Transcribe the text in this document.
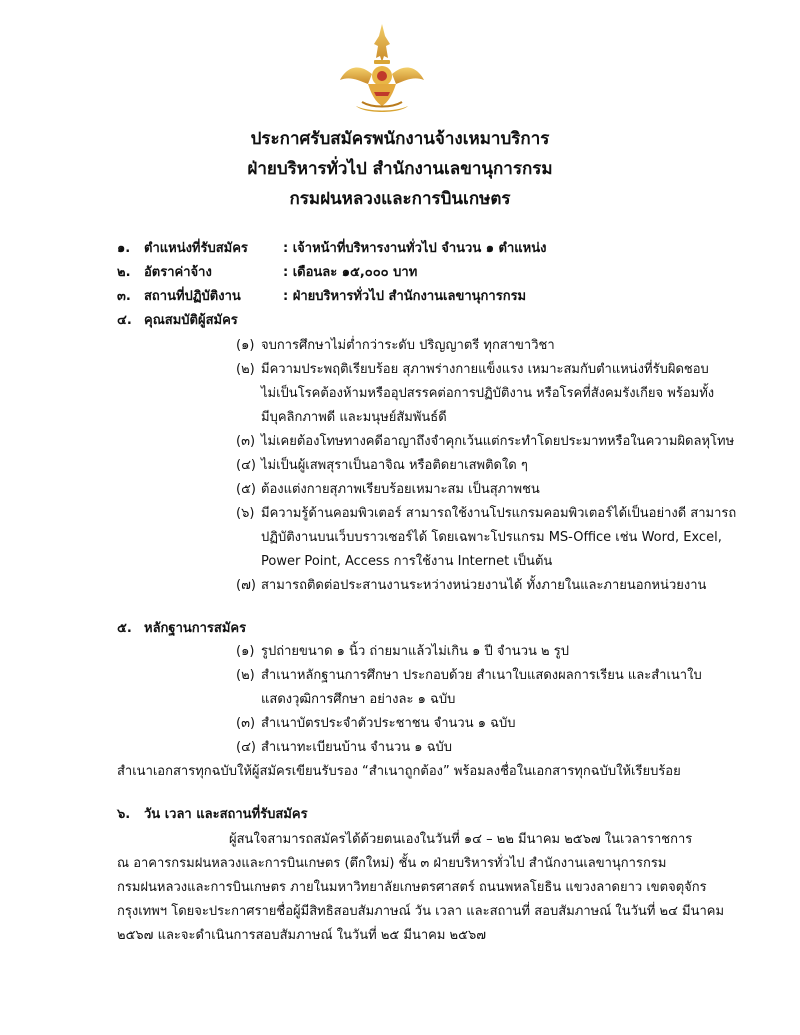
ประกาศรับสมัครพนักงานจ้างเหมาบริการ
ฝ่ายบริหารทั่วไป สำนักงานเลขานุการกรม
กรมฝนหลวงและการบินเกษตร
๑. ตำแหน่งที่รับสมัคร	: เจ้าหน้าที่บริหารงานทั่วไป จำนวน ๑ ตำแหน่ง
๒. อัตราค่าจ้าง	: เดือนละ ๑๕,๐๐๐ บาท
๓. สถานที่ปฏิบัติงาน	: ฝ่ายบริหารทั่วไป สำนักงานเลขานุการกรม
๔. คุณสมบัติผู้สมัคร
(๑) จบการศึกษาไม่ต่ำกว่าระดับ ปริญญาตรี ทุกสาขาวิชา
(๒) มีความประพฤติเรียบร้อย สุภาพร่างกายแข็งแรง เหมาะสมกับตำแหน่งที่รับผิดชอบ
ไม่เป็นโรคต้องห้ามหรืออุปสรรคต่อการปฏิบัติงาน หรือโรคที่สังคมรังเกียจ พร้อมทั้ง
มีบุคลิกภาพดี และมนุษย์สัมพันธ์ดี
(๓) ไม่เคยต้องโทษทางคดีอาญาถึงจำคุกเว้นแต่กระทำโดยประมาทหรือในความผิดลหุโทษ
(๔) ไม่เป็นผู้เสพสุราเป็นอาจิณ หรือติดยาเสพติดใด ๆ
(๕) ต้องแต่งกายสุภาพเรียบร้อยเหมาะสม เป็นสุภาพชน
(๖) มีความรู้ด้านคอมพิวเตอร์ สามารถใช้งานโปรแกรมคอมพิวเตอร์ได้เป็นอย่างดี สามารถ
ปฏิบัติงานบนเว็บบราวเซอร์ได้ โดยเฉพาะโปรแกรม MS-Office เช่น Word, Excel,
Power Point, Access การใช้งาน Internet เป็นต้น
(๗) สามารถติดต่อประสานงานระหว่างหน่วยงานได้ ทั้งภายในและภายนอกหน่วยงาน
๕. หลักฐานการสมัคร
(๑) รูปถ่ายขนาด ๑ นิ้ว ถ่ายมาแล้วไม่เกิน ๑ ปี จำนวน ๒ รูป
(๒) สำเนาหลักฐานการศึกษา ประกอบด้วย สำเนาใบแสดงผลการเรียน และสำเนาใบ
แสดงวุฒิการศึกษา อย่างละ ๑ ฉบับ
(๓) สำเนาบัตรประจำตัวประชาชน จำนวน ๑ ฉบับ
(๔) สำเนาทะเบียนบ้าน จำนวน ๑ ฉบับ
สำเนาเอกสารทุกฉบับให้ผู้สมัครเขียนรับรอง “สำเนาถูกต้อง” พร้อมลงชื่อในเอกสารทุกฉบับให้เรียบร้อย
๖. วัน เวลา และสถานที่รับสมัคร
ผู้สนใจสามารถสมัครได้ด้วยตนเองในวันที่ ๑๔ – ๒๒ มีนาคม ๒๕๖๗ ในเวลาราชการ
ณ อาคารกรมฝนหลวงและการบินเกษตร (ตึกใหม่) ชั้น ๓ ฝ่ายบริหารทั่วไป สำนักงานเลขานุการกรม
กรมฝนหลวงและการบินเกษตร ภายในมหาวิทยาลัยเกษตรศาสตร์ ถนนพหลโยธิน แขวงลาดยาว เขตจตุจักร
กรุงเทพฯ โดยจะประกาศรายชื่อผู้มีสิทธิสอบสัมภาษณ์ วัน เวลา และสถานที่ สอบสัมภาษณ์ ในวันที่ ๒๔ มีนาคม
๒๕๖๗ และจะดำเนินการสอบสัมภาษณ์ ในวันที่ ๒๕ มีนาคม ๒๕๖๗
